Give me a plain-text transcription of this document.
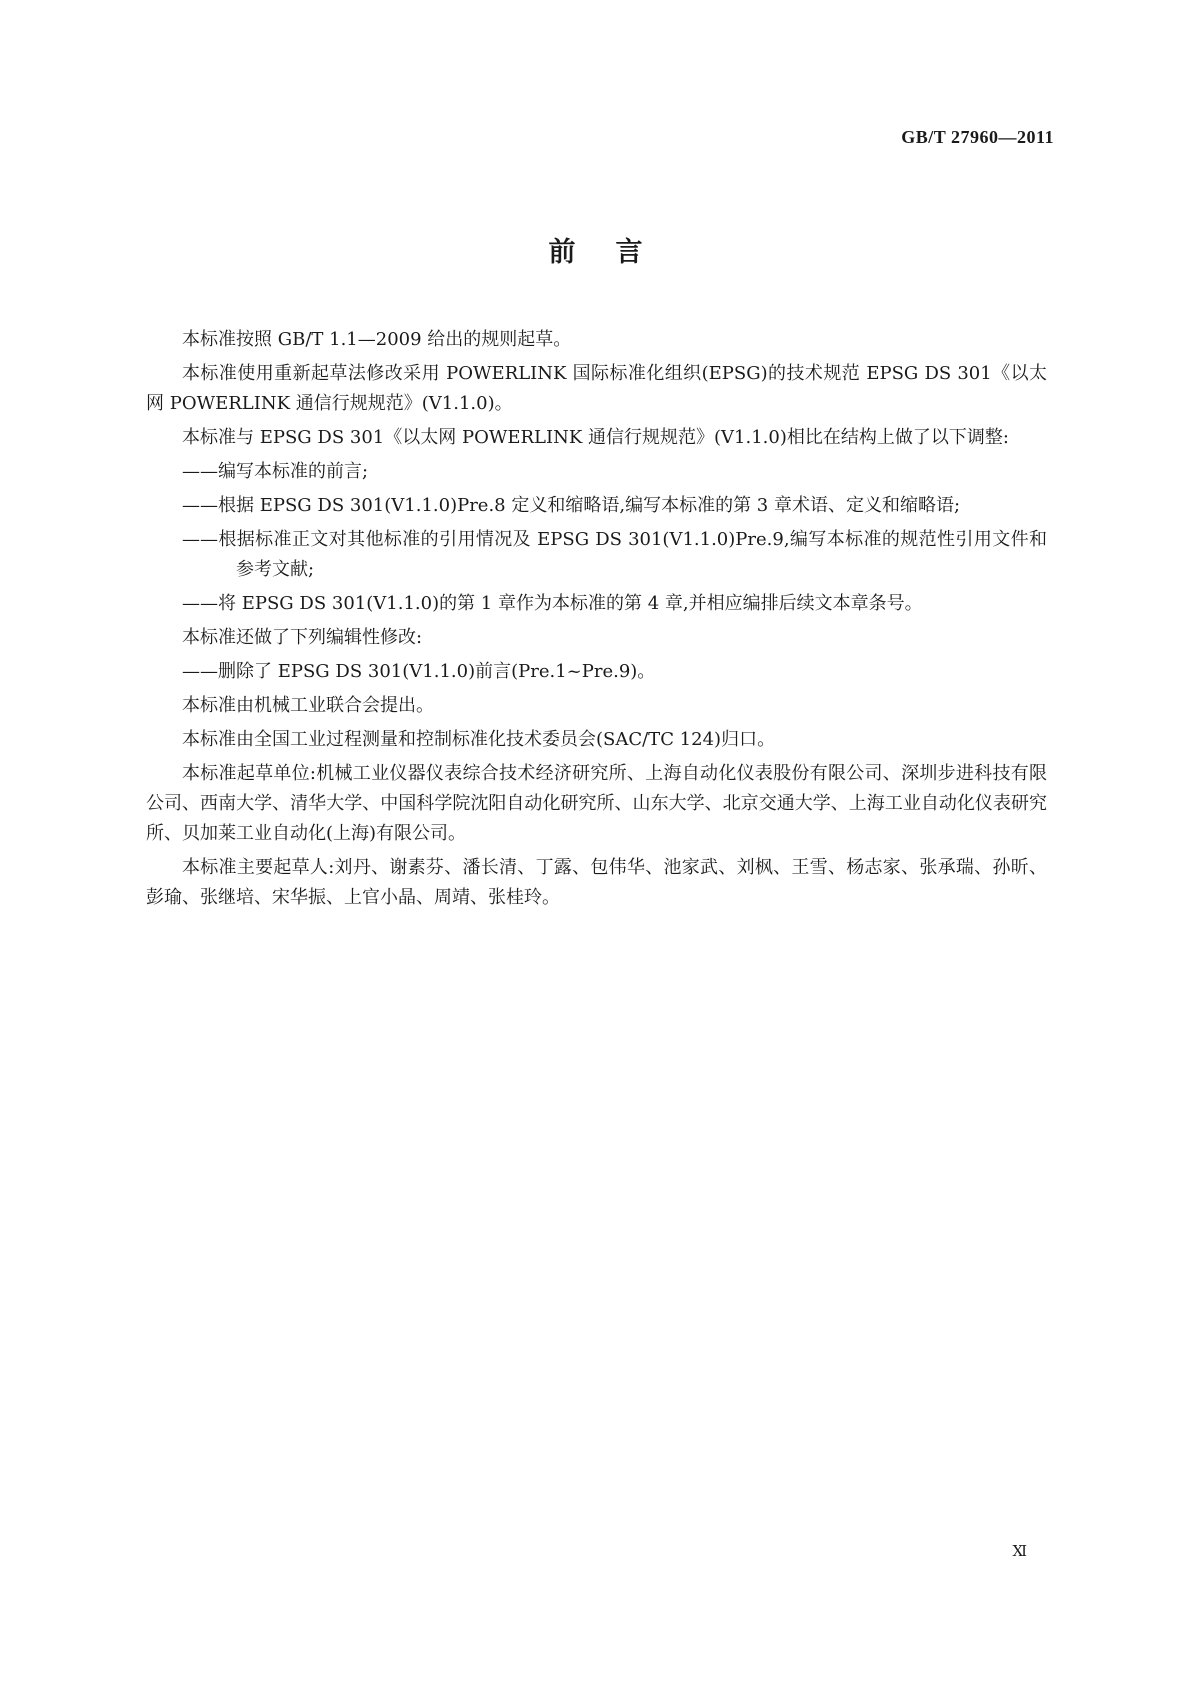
GB/T 27960—2011
前言
本标准按照 GB/T 1.1—2009 给出的规则起草。
本标准使用重新起草法修改采用 POWERLINK 国际标准化组织(EPSG)的技术规范 EPSG DS 301《以太网 POWERLINK 通信行规规范》(V1.1.0)。
本标准与 EPSG DS 301《以太网 POWERLINK 通信行规规范》(V1.1.0)相比在结构上做了以下调整:
——编写本标准的前言;
——根据 EPSG DS 301(V1.1.0)Pre.8 定义和缩略语,编写本标准的第 3 章术语、定义和缩略语;
——根据标准正文对其他标准的引用情况及 EPSG DS 301(V1.1.0)Pre.9,编写本标准的规范性引用文件和参考文献;
——将 EPSG DS 301(V1.1.0)的第 1 章作为本标准的第 4 章,并相应编排后续文本章条号。
本标准还做了下列编辑性修改:
——删除了 EPSG DS 301(V1.1.0)前言(Pre.1~Pre.9)。
本标准由机械工业联合会提出。
本标准由全国工业过程测量和控制标准化技术委员会(SAC/TC 124)归口。
本标准起草单位:机械工业仪器仪表综合技术经济研究所、上海自动化仪表股份有限公司、深圳步进科技有限公司、西南大学、清华大学、中国科学院沈阳自动化研究所、山东大学、北京交通大学、上海工业自动化仪表研究所、贝加莱工业自动化(上海)有限公司。
本标准主要起草人:刘丹、谢素芬、潘长清、丁露、包伟华、池家武、刘枫、王雪、杨志家、张承瑞、孙昕、彭瑜、张继培、宋华振、上官小晶、周靖、张桂玲。
Ⅺ
